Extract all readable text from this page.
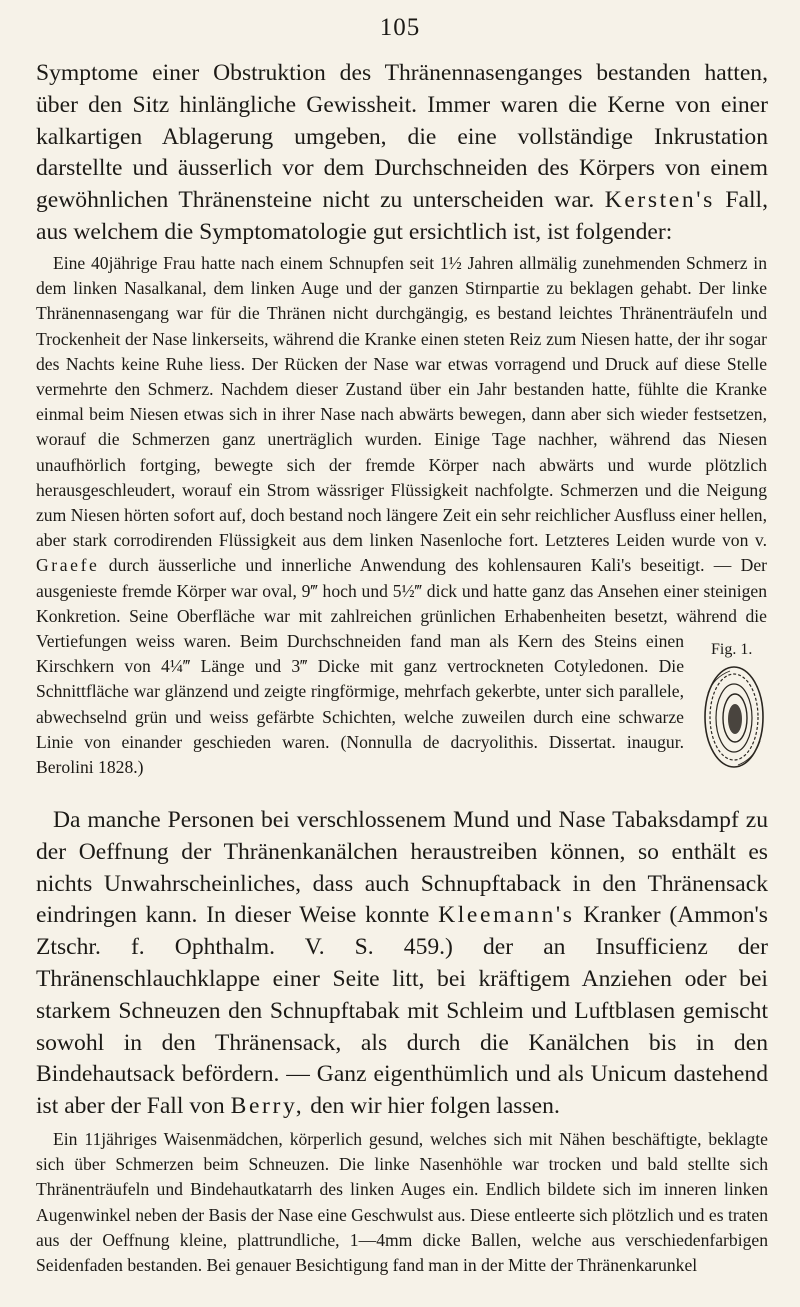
105

Symptome einer Obstruktion des Thränennasenganges bestanden hatten, über den Sitz hinlängliche Gewissheit. Immer waren die Kerne von einer kalkartigen Ablagerung umgeben, die eine vollständige Inkrustation darstellte und äusserlich vor dem Durchschneiden des Körpers von einem gewöhnlichen Thränensteine nicht zu unterscheiden war. Kersten's Fall, aus welchem die Symptomatologie gut ersichtlich ist, ist folgender:

Fig. 1.
Eine 40jährige Frau hatte nach einem Schnupfen seit 1½ Jahren allmälig zunehmenden Schmerz in dem linken Nasalkanal, dem linken Auge und der ganzen Stirnpartie zu beklagen gehabt. Der linke Thränennasengang war für die Thränen nicht durchgängig, es bestand leichtes Thränenträufeln und Trockenheit der Nase linkerseits, während die Kranke einen steten Reiz zum Niesen hatte, der ihr sogar des Nachts keine Ruhe liess. Der Rücken der Nase war etwas vorragend und Druck auf diese Stelle vermehrte den Schmerz. Nachdem dieser Zustand über ein Jahr bestanden hatte, fühlte die Kranke einmal beim Niesen etwas sich in ihrer Nase nach abwärts bewegen, dann aber sich wieder festsetzen, worauf die Schmerzen ganz unerträglich wurden. Einige Tage nachher, während das Niesen unaufhörlich fortging, bewegte sich der fremde Körper nach abwärts und wurde plötzlich herausgeschleudert, worauf ein Strom wässriger Flüssigkeit nachfolgte. Schmerzen und die Neigung zum Niesen hörten sofort auf, doch bestand noch längere Zeit ein sehr reichlicher Ausfluss einer hellen, aber stark corrodirenden Flüssigkeit aus dem linken Nasenloche fort. Letzteres Leiden wurde von v. Graefe durch äusserliche und innerliche Anwendung des kohlensauren Kali's beseitigt. — Der ausgenieste fremde Körper war oval, 9‴ hoch und 5½‴ dick und hatte ganz das Ansehen einer steinigen Konkretion. Seine Oberfläche war mit zahlreichen grünlichen Erhabenheiten besetzt, während die Vertiefungen weiss waren. Beim Durchschneiden fand man als Kern des Steins einen Kirschkern von 4¼‴ Länge und 3‴ Dicke mit ganz vertrockneten Cotyledonen. Die Schnittfläche war glänzend und zeigte ringförmige, mehrfach gekerbte, unter sich parallele, abwechselnd grün und weiss gefärbte Schichten, welche zuweilen durch eine schwarze Linie von einander geschieden waren. (Nonnulla de dacryolithis. Dissertat. inaugur. Berolini 1828.)

Da manche Personen bei verschlossenem Mund und Nase Tabaksdampf zu der Oeffnung der Thränenkanälchen heraustreiben können, so enthält es nichts Unwahrscheinliches, dass auch Schnupftaback in den Thränensack eindringen kann. In dieser Weise konnte Kleemann's Kranker (Ammon's Ztschr. f. Ophthalm. V. S. 459.) der an Insufficienz der Thränenschlauchklappe einer Seite litt, bei kräftigem Anziehen oder bei starkem Schneuzen den Schnupftabak mit Schleim und Luftblasen gemischt sowohl in den Thränensack, als durch die Kanälchen bis in den Bindehautsack befördern. — Ganz eigenthümlich und als Unicum dastehend ist aber der Fall von Berry, den wir hier folgen lassen.

Ein 11jähriges Waisenmädchen, körperlich gesund, welches sich mit Nähen beschäftigte, beklagte sich über Schmerzen beim Schneuzen. Die linke Nasenhöhle war trocken und bald stellte sich Thränenträufeln und Bindehautkatarrh des linken Auges ein. Endlich bildete sich im inneren linken Augenwinkel neben der Basis der Nase eine Geschwulst aus. Diese entleerte sich plötzlich und es traten aus der Oeffnung kleine, plattrundliche, 1—4mm dicke Ballen, welche aus verschiedenfarbigen Seidenfaden bestanden. Bei genauer Besichtigung fand man in der Mitte der Thränenkarunkel
